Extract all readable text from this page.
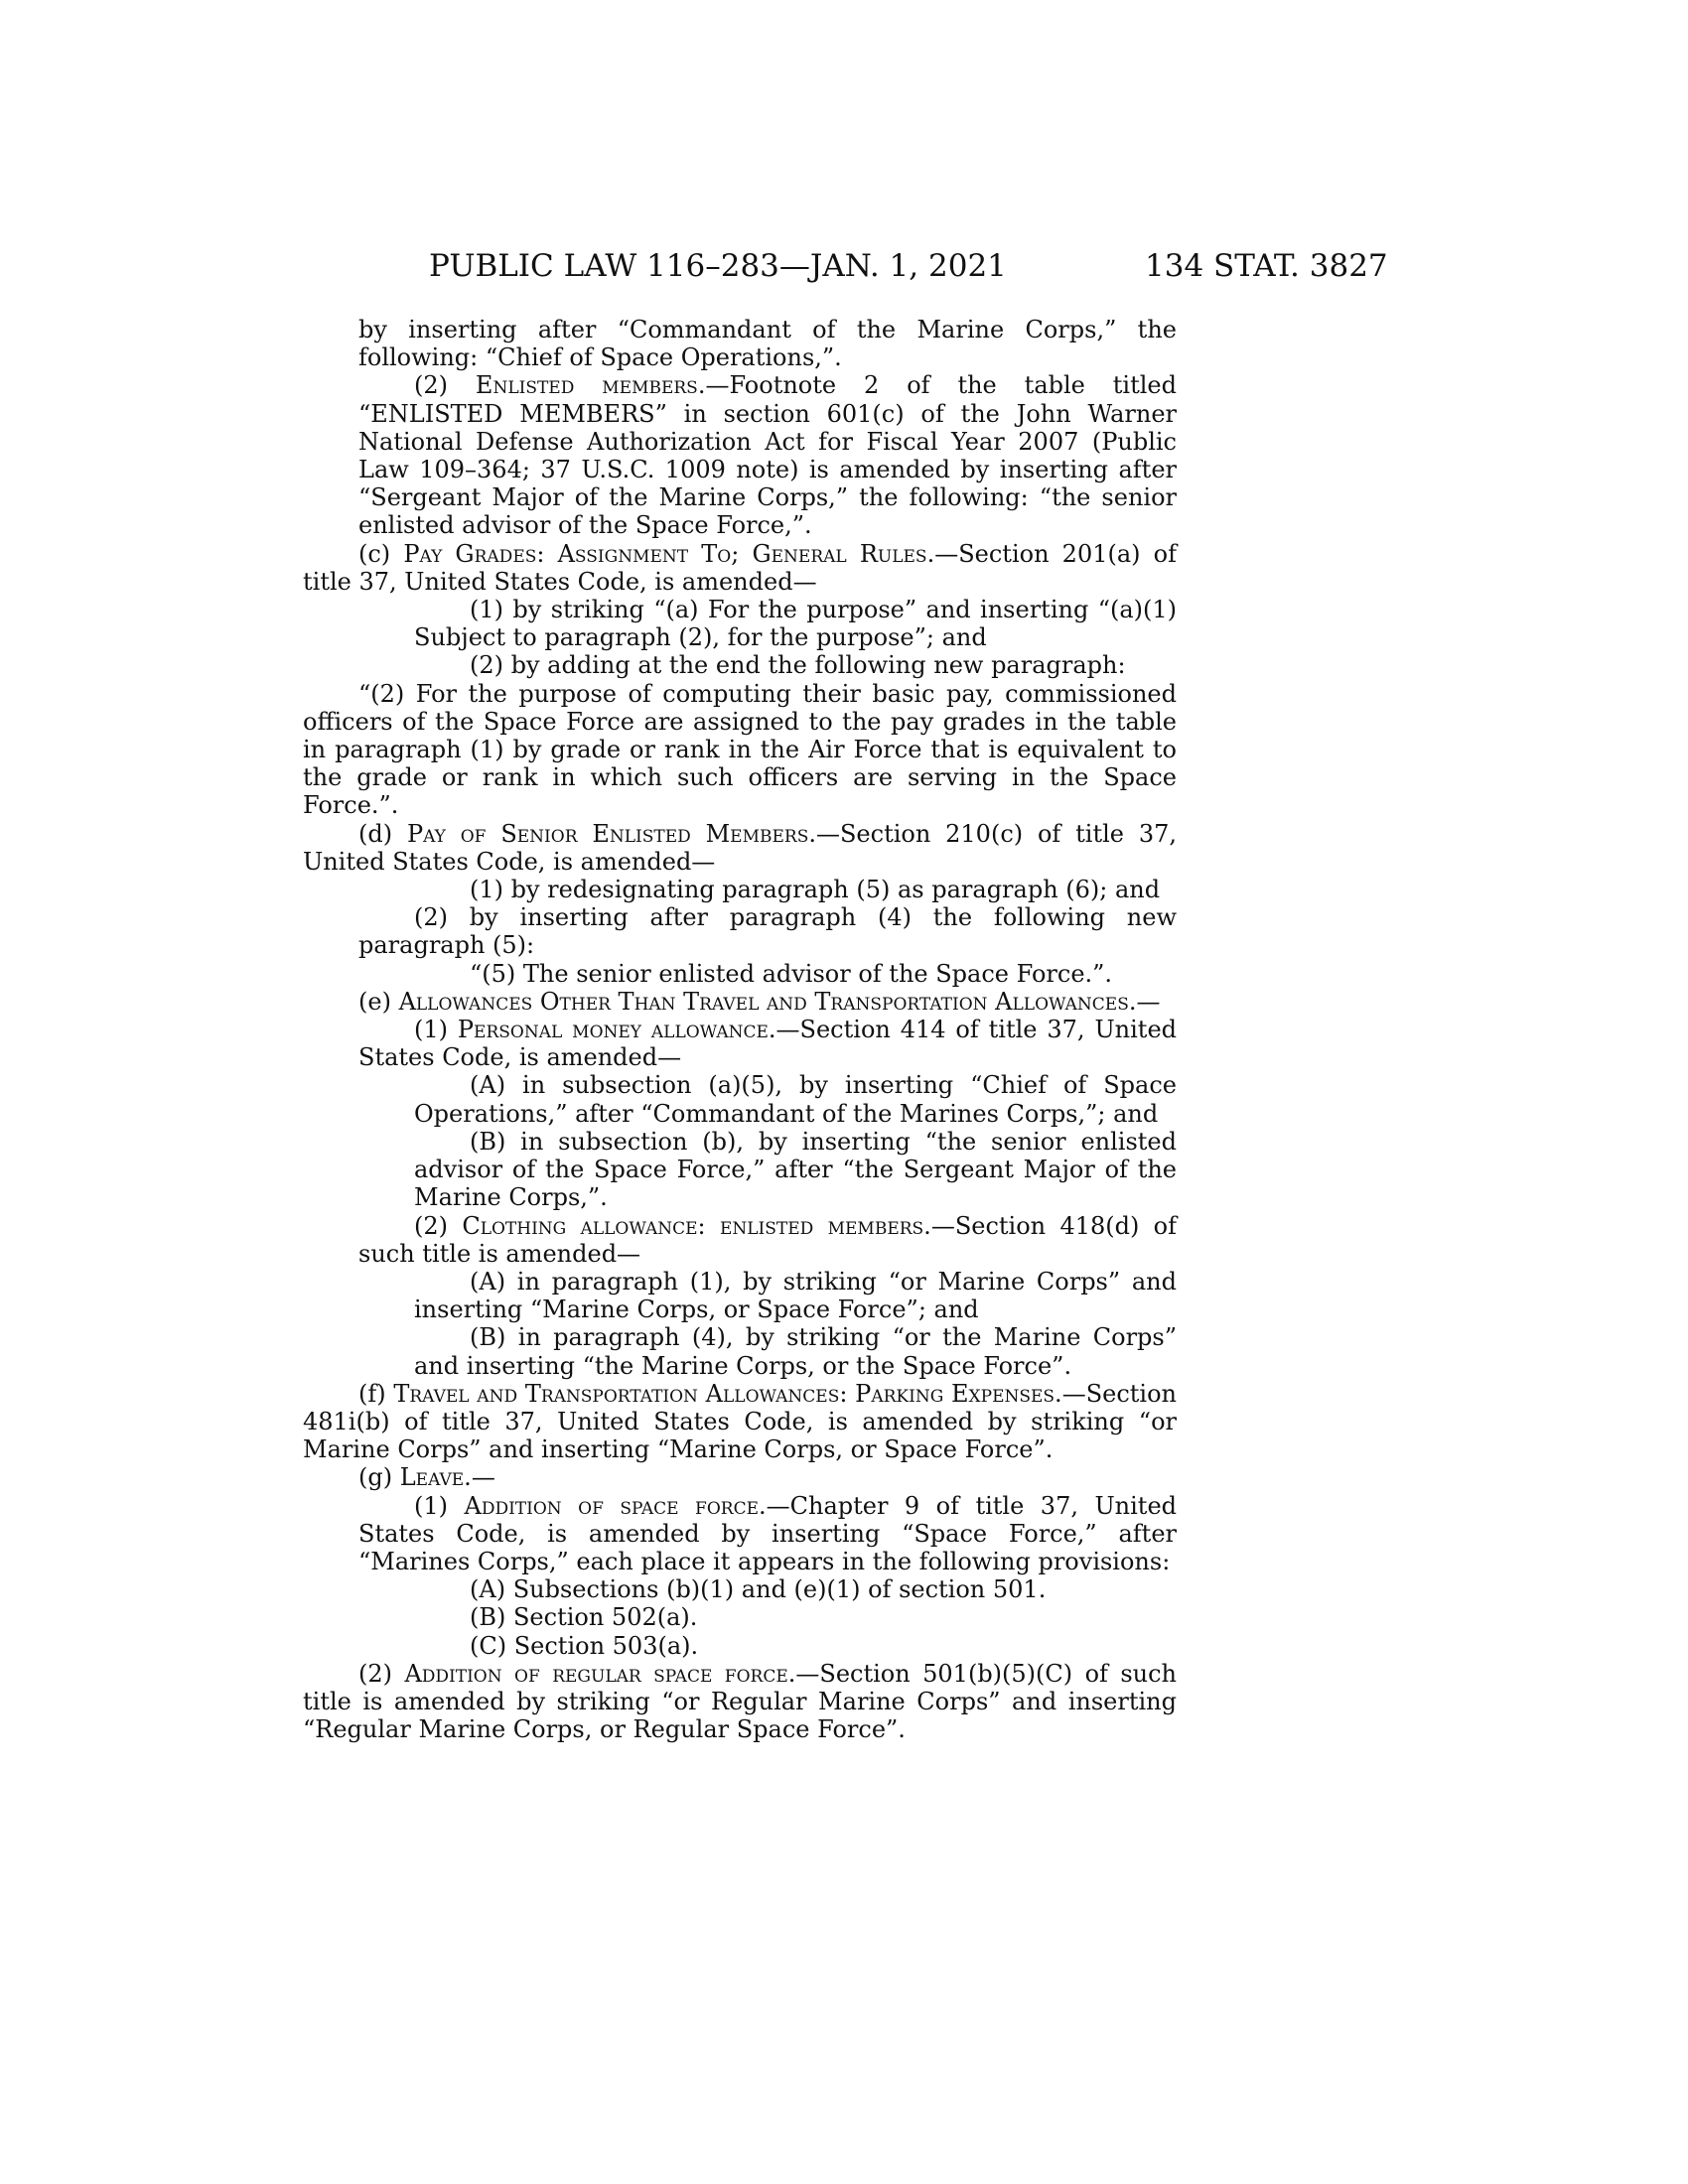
PUBLIC LAW 116–283—JAN. 1, 2021	134 STAT. 3827

by inserting after “Commandant of the Marine Corps,” the following: “Chief of Space Operations,”.

(2) Enlisted members.—Footnote 2 of the table titled “ENLISTED MEMBERS” in section 601(c) of the John Warner National Defense Authorization Act for Fiscal Year 2007 (Public Law 109–364; 37 U.S.C. 1009 note) is amended by inserting after “Sergeant Major of the Marine Corps,” the following: “the senior enlisted advisor of the Space Force,”.

(c) Pay Grades: Assignment To; General Rules.—Section 201(a) of title 37, United States Code, is amended—

(1) by striking “(a) For the purpose” and inserting “(a)(1) Subject to paragraph (2), for the purpose”; and

(2) by adding at the end the following new paragraph:

“(2) For the purpose of computing their basic pay, commissioned officers of the Space Force are assigned to the pay grades in the table in paragraph (1) by grade or rank in the Air Force that is equivalent to the grade or rank in which such officers are serving in the Space Force.”.

(d) Pay of Senior Enlisted Members.—Section 210(c) of title 37, United States Code, is amended—

(1) by redesignating paragraph (5) as paragraph (6); and

(2) by inserting after paragraph (4) the following new paragraph (5):

“(5) The senior enlisted advisor of the Space Force.”.

(e) Allowances Other Than Travel and Transportation Allowances.—

(1) Personal money allowance.—Section 414 of title 37, United States Code, is amended—

(A) in subsection (a)(5), by inserting “Chief of Space Operations,” after “Commandant of the Marines Corps,”; and

(B) in subsection (b), by inserting “the senior enlisted advisor of the Space Force,” after “the Sergeant Major of the Marine Corps,”.

(2) Clothing allowance: enlisted members.—Section 418(d) of such title is amended—

(A) in paragraph (1), by striking “or Marine Corps” and inserting “Marine Corps, or Space Force”; and

(B) in paragraph (4), by striking “or the Marine Corps” and inserting “the Marine Corps, or the Space Force”.

(f) Travel and Transportation Allowances: Parking Expenses.—Section 481i(b) of title 37, United States Code, is amended by striking “or Marine Corps” and inserting “Marine Corps, or Space Force”.

(g) Leave.—

(1) Addition of space force.—Chapter 9 of title 37, United States Code, is amended by inserting “Space Force,” after “Marines Corps,” each place it appears in the following provisions:

(A) Subsections (b)(1) and (e)(1) of section 501.

(B) Section 502(a).

(C) Section 503(a).

(2) Addition of regular space force.—Section 501(b)(5)(C) of such title is amended by striking “or Regular Marine Corps” and inserting “Regular Marine Corps, or Regular Space Force”.
